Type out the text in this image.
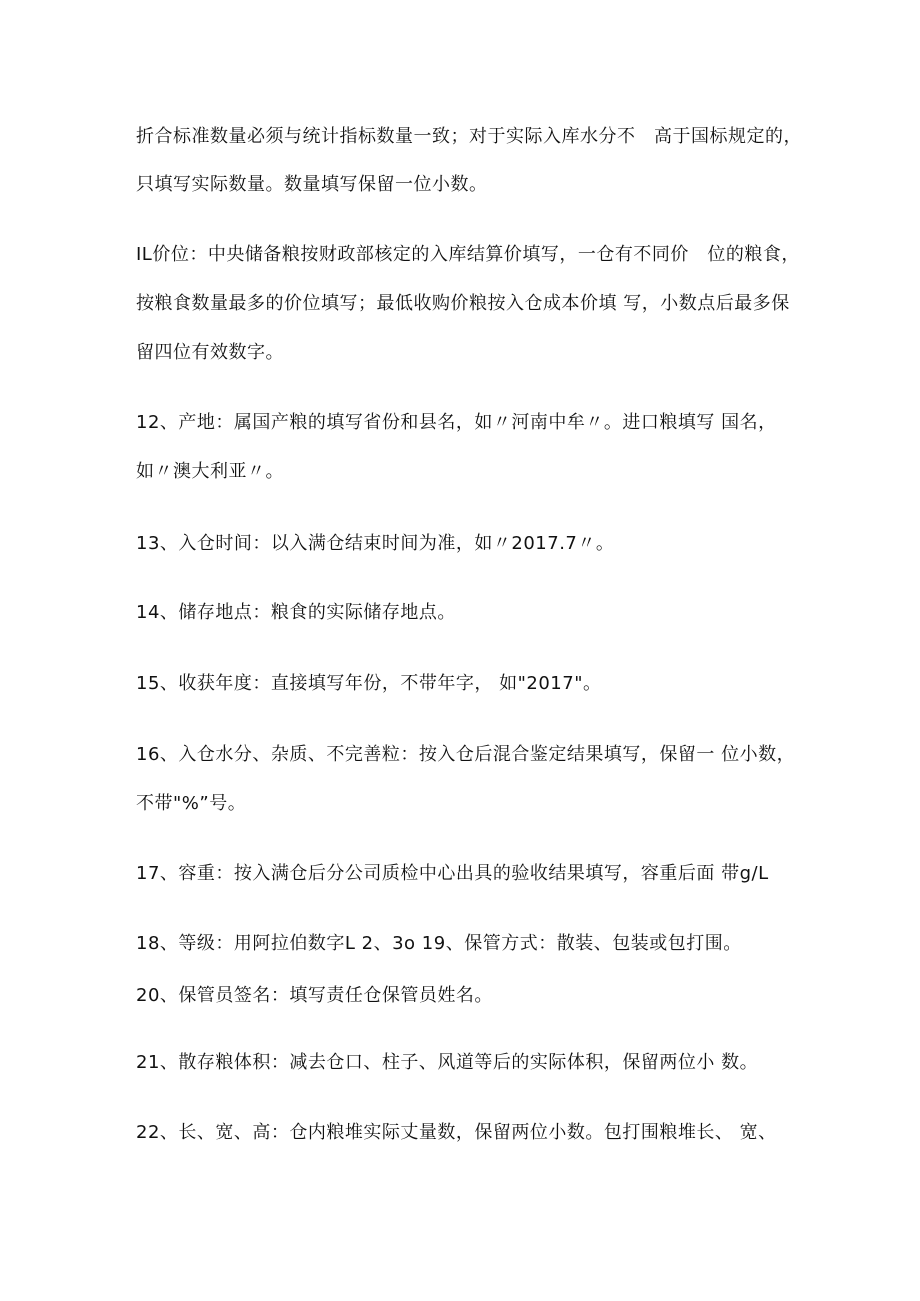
折合标准数量必须与统计指标数量一致；对于实际入库水分不　高于国标规定的，
只填写实际数量。数量填写保留一位小数。
IL价位：中央储备粮按财政部核定的入库结算价填写，一仓有不同价　位的粮食，
按粮食数量最多的价位填写；最低收购价粮按入仓成本价填 写，小数点后最多保
留四位有效数字。
12、产地：属国产粮的填写省份和县名，如〃河南中牟〃。进口粮填写 国名，
如〃澳大利亚〃。
13、入仓时间：以入满仓结束时间为准，如〃2017.7〃。
14、储存地点：粮食的实际储存地点。
15、收获年度：直接填写年份，不带年字， 如"2017"。
16、入仓水分、杂质、不完善粒：按入仓后混合鉴定结果填写，保留一 位小数，
不带"%”号。
17、容重：按入满仓后分公司质检中心出具的验收结果填写，容重后面 带g/L
18、等级：用阿拉伯数字L 2、3o 19、保管方式：散装、包装或包打围。
20、保管员签名：填写责任仓保管员姓名。
21、散存粮体积：减去仓口、柱子、风道等后的实际体积，保留两位小 数。
22、长、宽、高：仓内粮堆实际丈量数，保留两位小数。包打围粮堆长、 宽、
